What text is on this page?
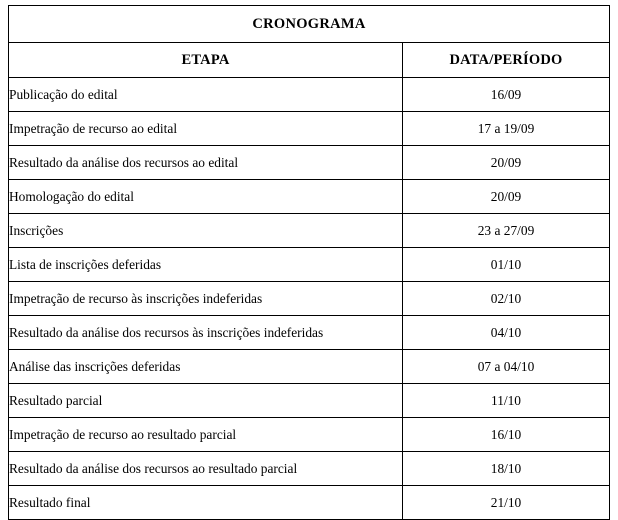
CRONOGRAMA	
ETAPA	DATA/PERÍODO
Publicação do edital	16/09
Impetração de recurso ao edital	17 a 19/09
Resultado da análise dos recursos ao edital	20/09
Homologação do edital	20/09
Inscrições	23 a 27/09
Lista de inscrições deferidas	01/10
Impetração de recurso às inscrições indeferidas	02/10
Resultado da análise dos recursos às inscrições indeferidas	04/10
Análise das inscrições deferidas	07 a 04/10
Resultado parcial	11/10
Impetração de recurso ao resultado parcial	16/10
Resultado da análise dos recursos ao resultado parcial	18/10
Resultado final	21/10
